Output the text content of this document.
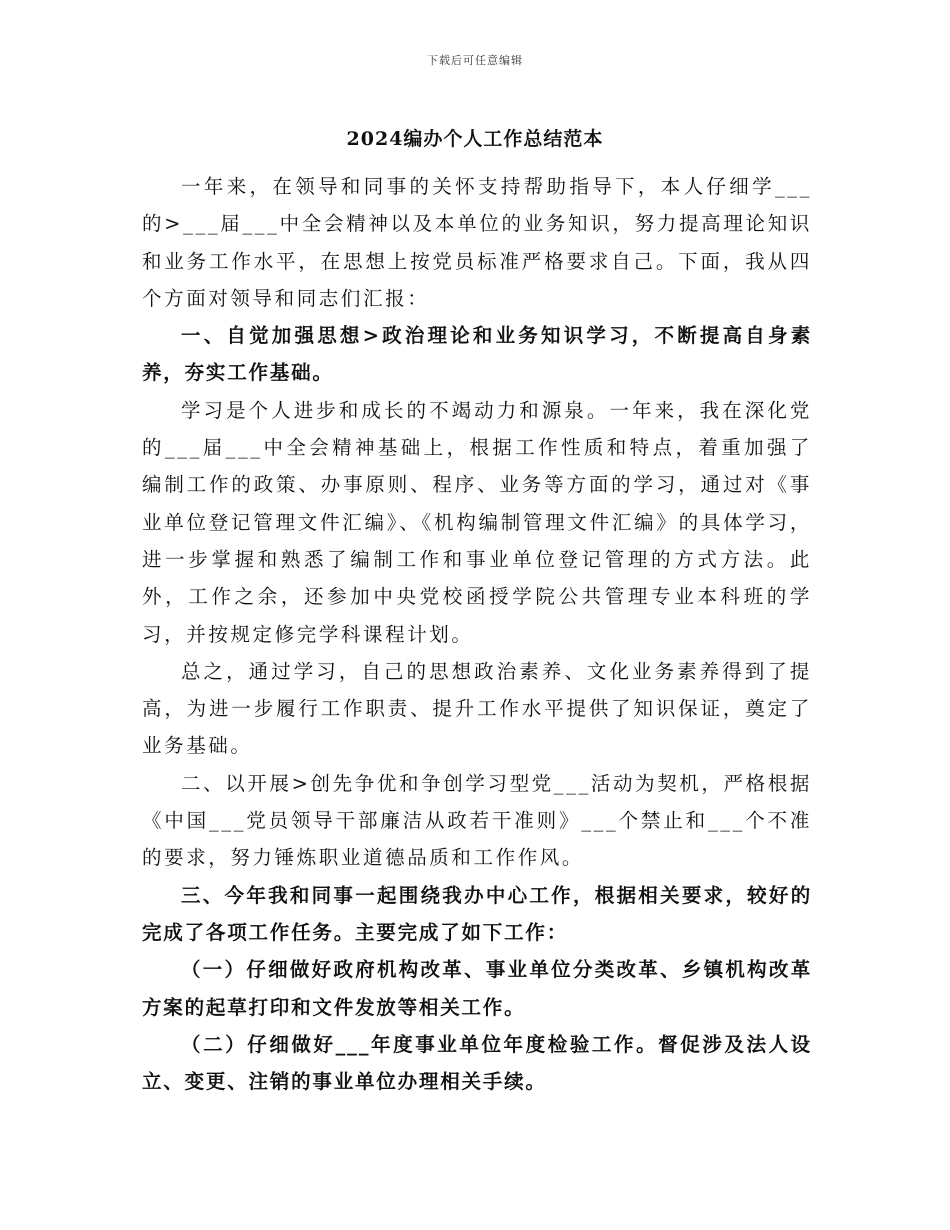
下载后可任意编辑
2024编办个人工作总结范本

一年来，在领导和同事的关怀支持帮助指导下，本人仔细学___的>___届___中全会精神以及本单位的业务知识，努力提高理论知识和业务工作水平，在思想上按党员标准严格要求自己。下面，我从四个方面对领导和同志们汇报：

一、自觉加强思想>政治理论和业务知识学习，不断提高自身素养，夯实工作基础。

学习是个人进步和成长的不竭动力和源泉。一年来，我在深化党的___届___中全会精神基础上，根据工作性质和特点，着重加强了编制工作的政策、办事原则、程序、业务等方面的学习，通过对《事业单位登记管理文件汇编》、《机构编制管理文件汇编》的具体学习，进一步掌握和熟悉了编制工作和事业单位登记管理的方式方法。此外，工作之余，还参加中央党校函授学院公共管理专业本科班的学习，并按规定修完学科课程计划。

总之，通过学习，自己的思想政治素养、文化业务素养得到了提高，为进一步履行工作职责、提升工作水平提供了知识保证，奠定了业务基础。

二、以开展>创先争优和争创学习型党___活动为契机，严格根据《中国___党员领导干部廉洁从政若干准则》___个禁止和___个不准的要求，努力锤炼职业道德品质和工作作风。

三、今年我和同事一起围绕我办中心工作，根据相关要求，较好的完成了各项工作任务。主要完成了如下工作：

（一）仔细做好政府机构改革、事业单位分类改革、乡镇机构改革方案的起草打印和文件发放等相关工作。

（二）仔细做好___年度事业单位年度检验工作。督促涉及法人设立、变更、注销的事业单位办理相关手续。
